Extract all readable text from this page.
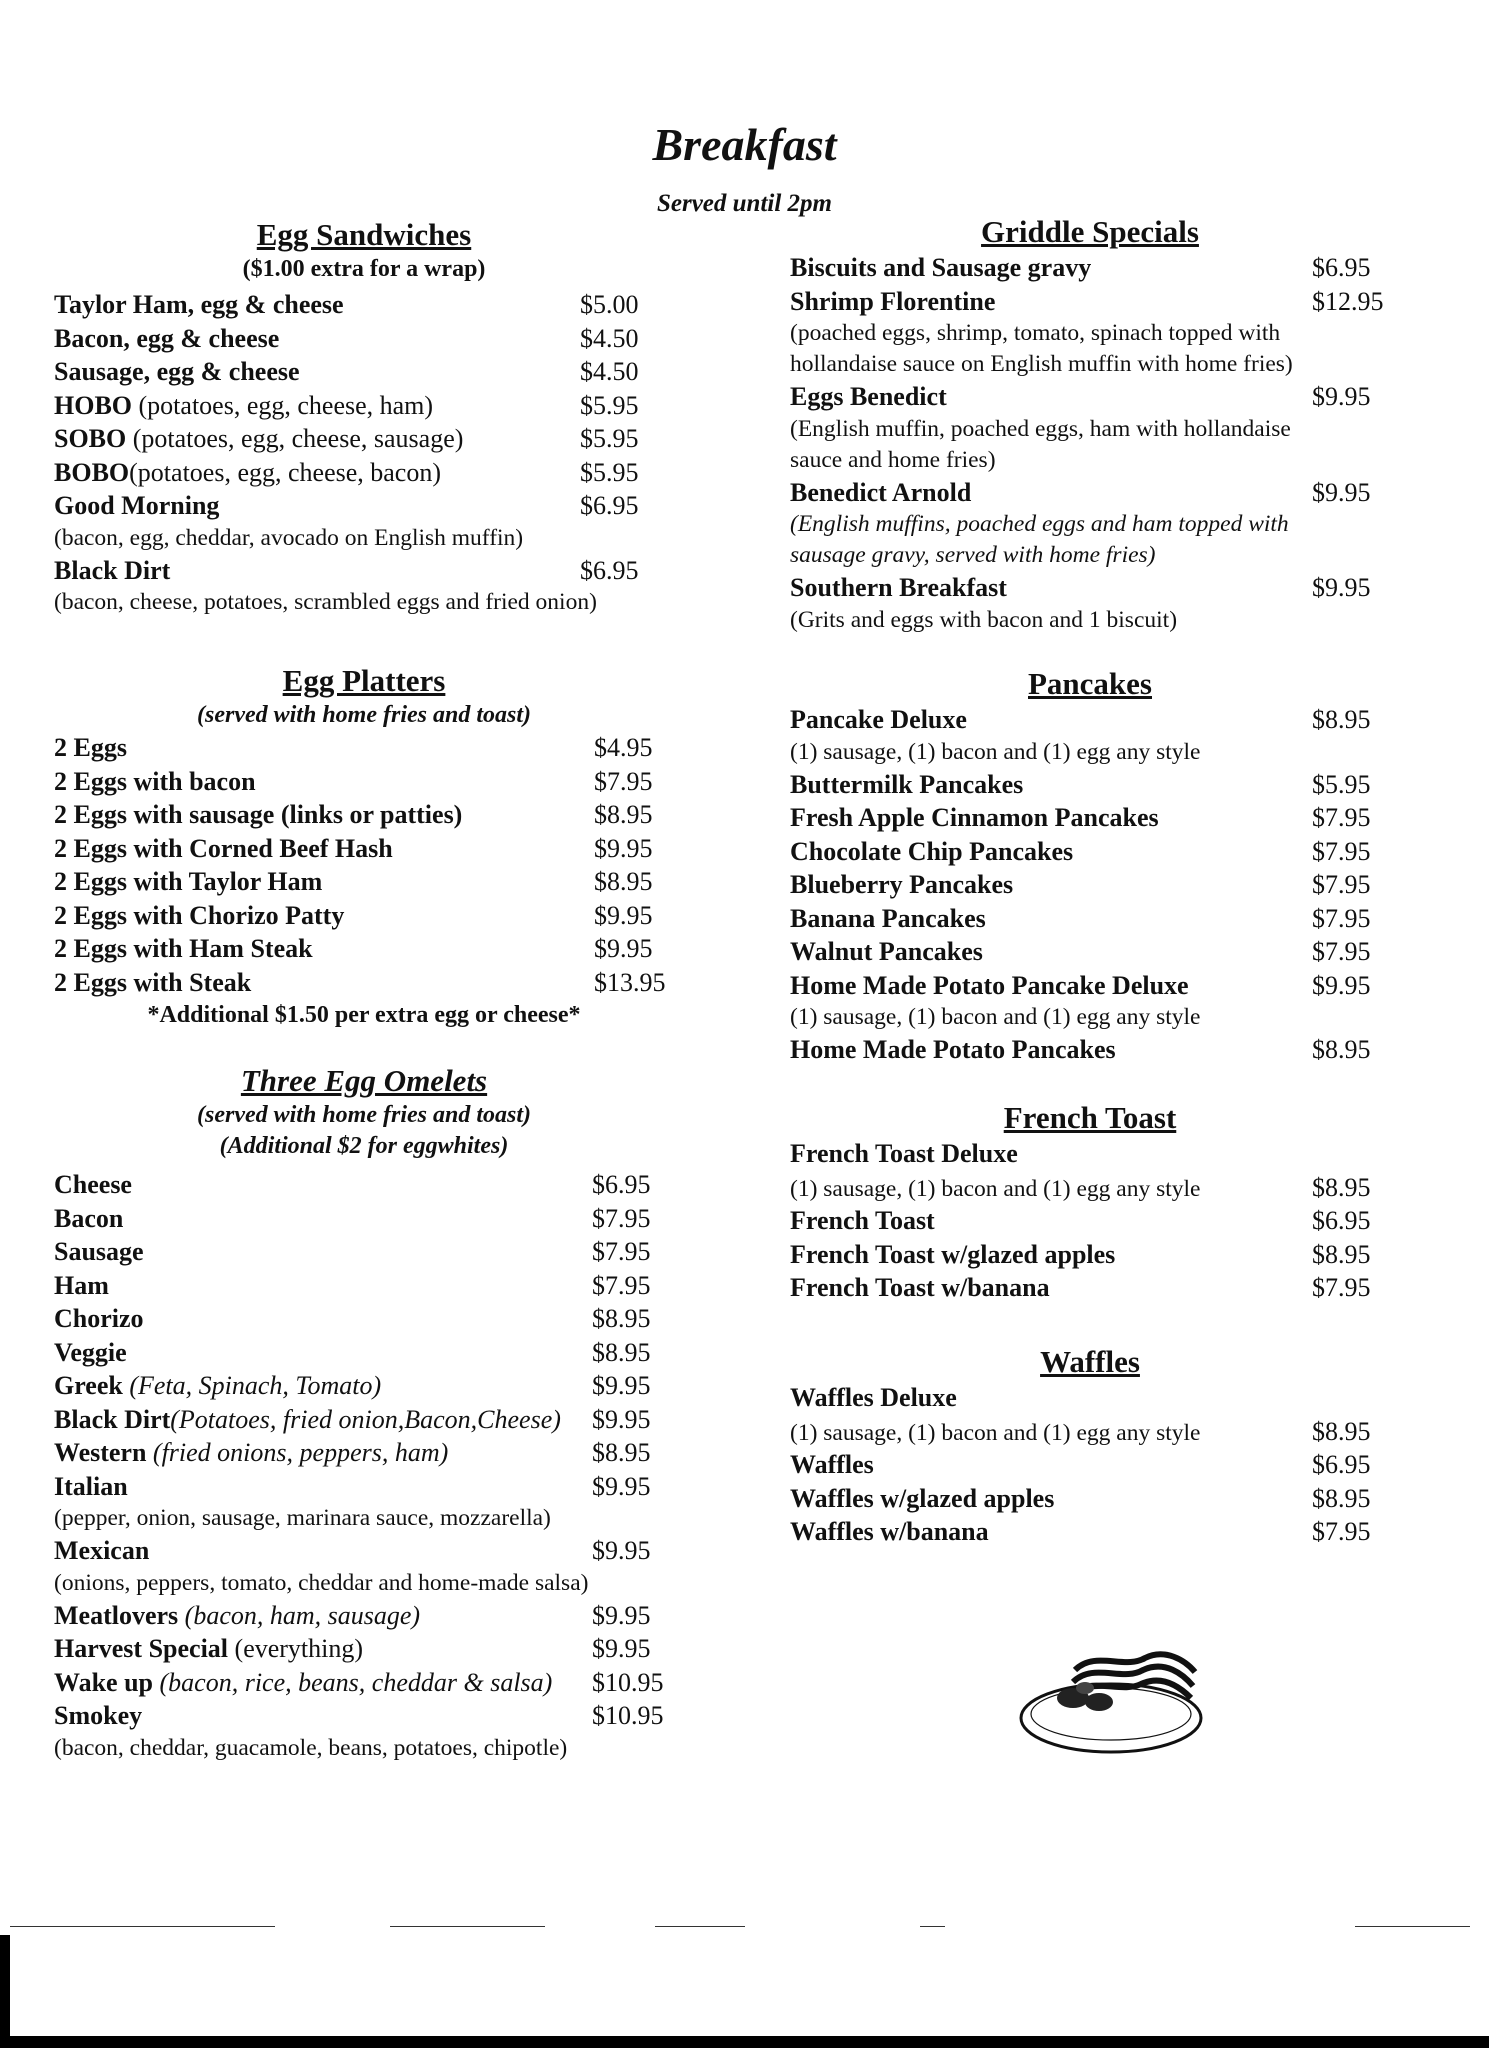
Breakfast
Served until 2pm
Egg Sandwiches
($1.00 extra for a wrap)
Taylor Ham, egg & cheese	$5.00
Bacon, egg & cheese	$4.50
Sausage, egg & cheese	$4.50
HOBO (potatoes, egg, cheese, ham)	$5.95
SOBO (potatoes, egg, cheese, sausage)	$5.95
BOBO(potatoes, egg, cheese, bacon)	$5.95
Good Morning	$6.95
(bacon, egg, cheddar, avocado on English muffin)
Black Dirt	$6.95
(bacon, cheese, potatoes, scrambled eggs and fried onion)
Egg Platters
(served with home fries and toast)
2 Eggs	$4.95
2 Eggs with bacon	$7.95
2 Eggs with sausage (links or patties)	$8.95
2 Eggs with Corned Beef Hash	$9.95
2 Eggs with Taylor Ham	$8.95
2 Eggs with Chorizo Patty	$9.95
2 Eggs with Ham Steak	$9.95
2 Eggs with Steak	$13.95
*Additional $1.50 per extra egg or cheese*
Three Egg Omelets
(served with home fries and toast)
(Additional $2 for eggwhites)
Cheese	$6.95
Bacon	$7.95
Sausage	$7.95
Ham	$7.95
Chorizo	$8.95
Veggie	$8.95
Greek (Feta, Spinach, Tomato)	$9.95
Black Dirt(Potatoes, fried onion,Bacon,Cheese) $9.95
Western (fried onions, peppers, ham)	$8.95
Italian	$9.95
(pepper, onion, sausage, marinara sauce, mozzarella)
Mexican	$9.95
(onions, peppers, tomato, cheddar and home-made salsa)
Meatlovers (bacon, ham, sausage)	$9.95
Harvest Special (everything)	$9.95
Wake up (bacon, rice, beans, cheddar & salsa) $10.95
Smokey	$10.95
(bacon, cheddar, guacamole, beans, potatoes, chipotle)
Griddle Specials
Biscuits and Sausage gravy	$6.95
Shrimp Florentine	$12.95
(poached eggs, shrimp, tomato, spinach topped with
hollandaise sauce on English muffin with home fries)
Eggs Benedict	$9.95
(English muffin, poached eggs, ham with hollandaise
sauce and home fries)
Benedict Arnold	$9.95
(English muffins, poached eggs and ham topped with
sausage gravy, served with home fries)
Southern Breakfast	$9.95
(Grits and eggs with bacon and 1 biscuit)
Pancakes
Pancake Deluxe	$8.95
(1) sausage, (1) bacon and (1) egg any style
Buttermilk Pancakes	$5.95
Fresh Apple Cinnamon Pancakes	$7.95
Chocolate Chip Pancakes	$7.95
Blueberry Pancakes	$7.95
Banana Pancakes	$7.95
Walnut Pancakes	$7.95
Home Made Potato Pancake Deluxe	$9.95
(1) sausage, (1) bacon and (1) egg any style
Home Made Potato Pancakes	$8.95
French Toast
French Toast Deluxe
(1) sausage, (1) bacon and (1) egg any style	$8.95
French Toast	$6.95
French Toast w/glazed apples	$8.95
French Toast w/banana	$7.95
Waffles
Waffles Deluxe
(1) sausage, (1) bacon and (1) egg any style	$8.95
Waffles	$6.95
Waffles w/glazed apples	$8.95
Waffles w/banana	$7.95
